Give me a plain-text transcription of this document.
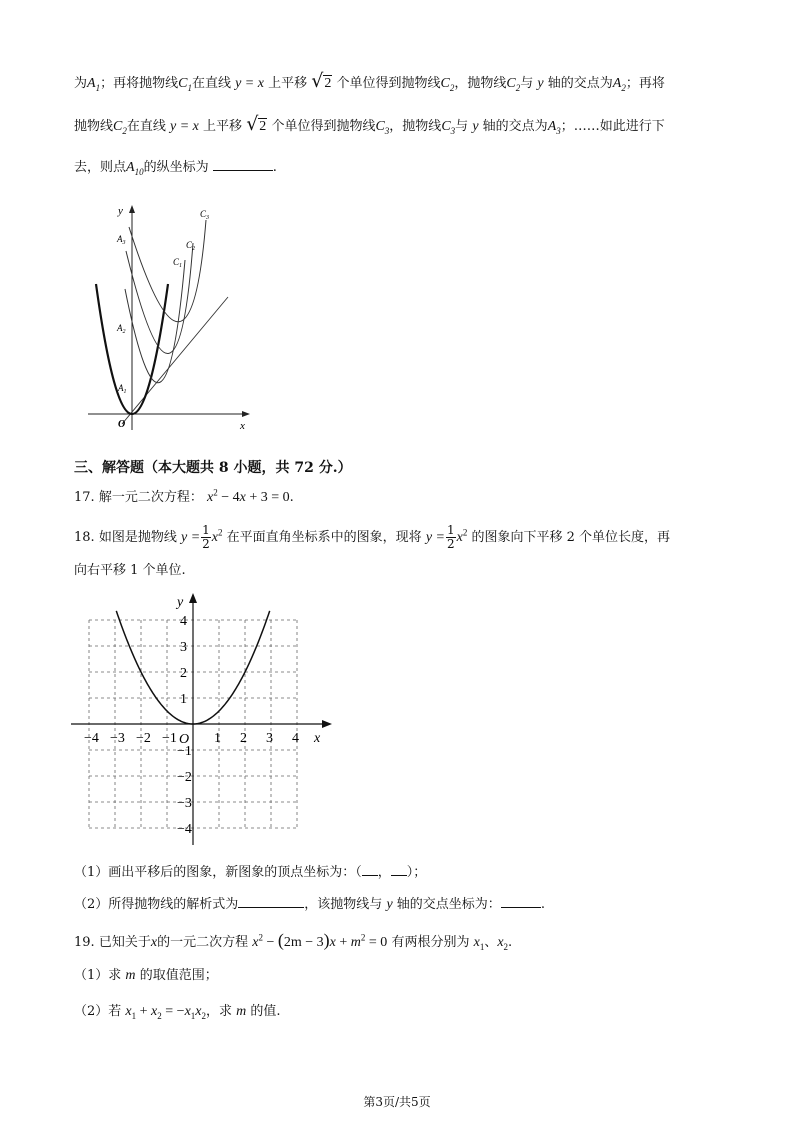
为$A_1$；再将抛物线$C_1$在直线 y = x 上平移 √2 个单位得到抛物线$C_2$，抛物线$C_2$与 y 轴的交点为$A_2$；再将
抛物线$C_2$在直线 y = x 上平移 √2 个单位得到抛物线$C_3$，抛物线$C_3$与 y 轴的交点为$A_3$；……如此进行下
去，则点$A_{10}$的纵坐标为	.
y
x
O
$C_3$
$C_2$
$C_1$
$A_3$
$A_2$
$A_1$
三、解答题（本大题共 8 小题，共 72 分.）
17. 解一元二次方程： $x^2 - 4x + 3 = 0$.
18. 如图是抛物线 $y = \frac{1}{2} x^2$ 在平面直角坐标系中的图象，现将 $y = \frac{1}{2} x^2$ 的图象向下平移 2 个单位长度，再
向右平移 1 个单位.
−4 −3 −2 −1	1 2 3 4
1
2
3
4
−1
−2
−3
−4
x
y
O
（1）画出平移后的图象，新图象的顶点坐标为：（ ， ）；
（2）所得抛物线的解析式为	，该抛物线与 y 轴的交点坐标为：	.
19. 已知关于x的一元二次方程 $x^2 - (2m - 3)x + m^2 = 0$ 有两根分别为 $x_1$、$x_2$.
（1）求 m 的取值范围；
（2）若 $x_1 + x_2 = -x_1x_2$，求 m 的值.
第3页/共5页
